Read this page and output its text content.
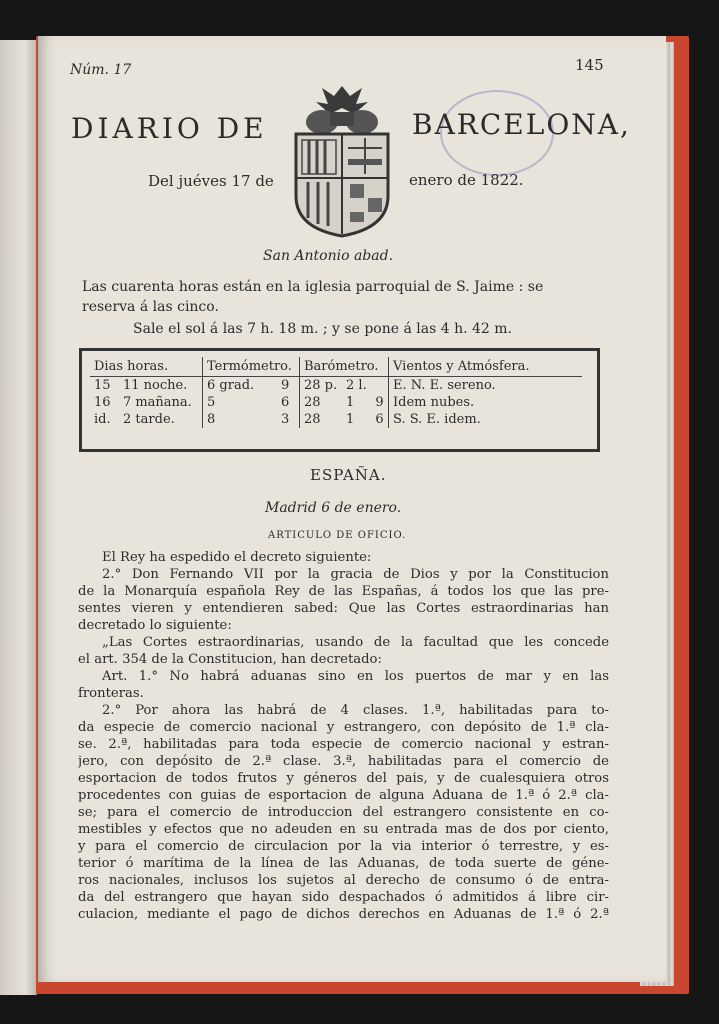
Núm. 17	145
DIARIO DE	BARCELONA,
Del juéves 17 de	enero de 1822.
San Antonio abad.
Las cuarenta horas están en la iglesia parroquial de S. Jaime : se
reserva á las cinco.
Sale el sol á las 7 h. 18 m. ; y se pone á las 4 h. 42 m.
Dias horas.	Termómetro.		Barómetro.			Vientos y Atmósfera.
15 11 noche.	6 grad.	9	28 p.	2 l.		E. N. E. sereno.
16 7 mañana.	5	6	28	1	9	Idem nubes.
id. 2 tarde.	8	3	28	1	6	S. S. E. idem.
ESPAÑA.
Madrid 6 de enero.
ARTICULO DE OFICIO.
El Rey ha espedido el decreto siguiente:
2.° Don Fernando VII por la gracia de Dios y por la Constitucion
de la Monarquía española Rey de las Españas, á todos los que las pre-
sentes vieren y entendieren sabed: Que las Cortes estraordinarias han
decretado lo siguiente:
„Las Cortes estraordinarias, usando de la facultad que les concede
el art. 354 de la Constitucion, han decretado:
Art. 1.° No habrá aduanas sino en los puertos de mar y en las
fronteras.
2.° Por ahora las habrá de 4 clases. 1.ª, habilitadas para to-
da especie de comercio nacional y estrangero, con depósito de 1.ª cla-
se. 2.ª, habilitadas para toda especie de comercio nacional y estran-
jero, con depósito de 2.ª clase. 3.ª, habilitadas para el comercio de
esportacion de todos frutos y géneros del pais, y de cualesquiera otros
procedentes con guias de esportacion de alguna Aduana de 1.ª ó 2.ª cla-
se; para el comercio de introduccion del estrangero consistente en co-
mestibles y efectos que no adeuden en su entrada mas de dos por ciento,
y para el comercio de circulacion por la via interior ó terrestre, y es-
terior ó marítima de la línea de las Aduanas, de toda suerte de géne-
ros nacionales, inclusos los sujetos al derecho de consumo ó de entra-
da del estrangero que hayan sido despachados ó admitidos á libre cir-
culacion, mediante el pago de dichos derechos en Aduanas de 1.ª ó 2.ª
